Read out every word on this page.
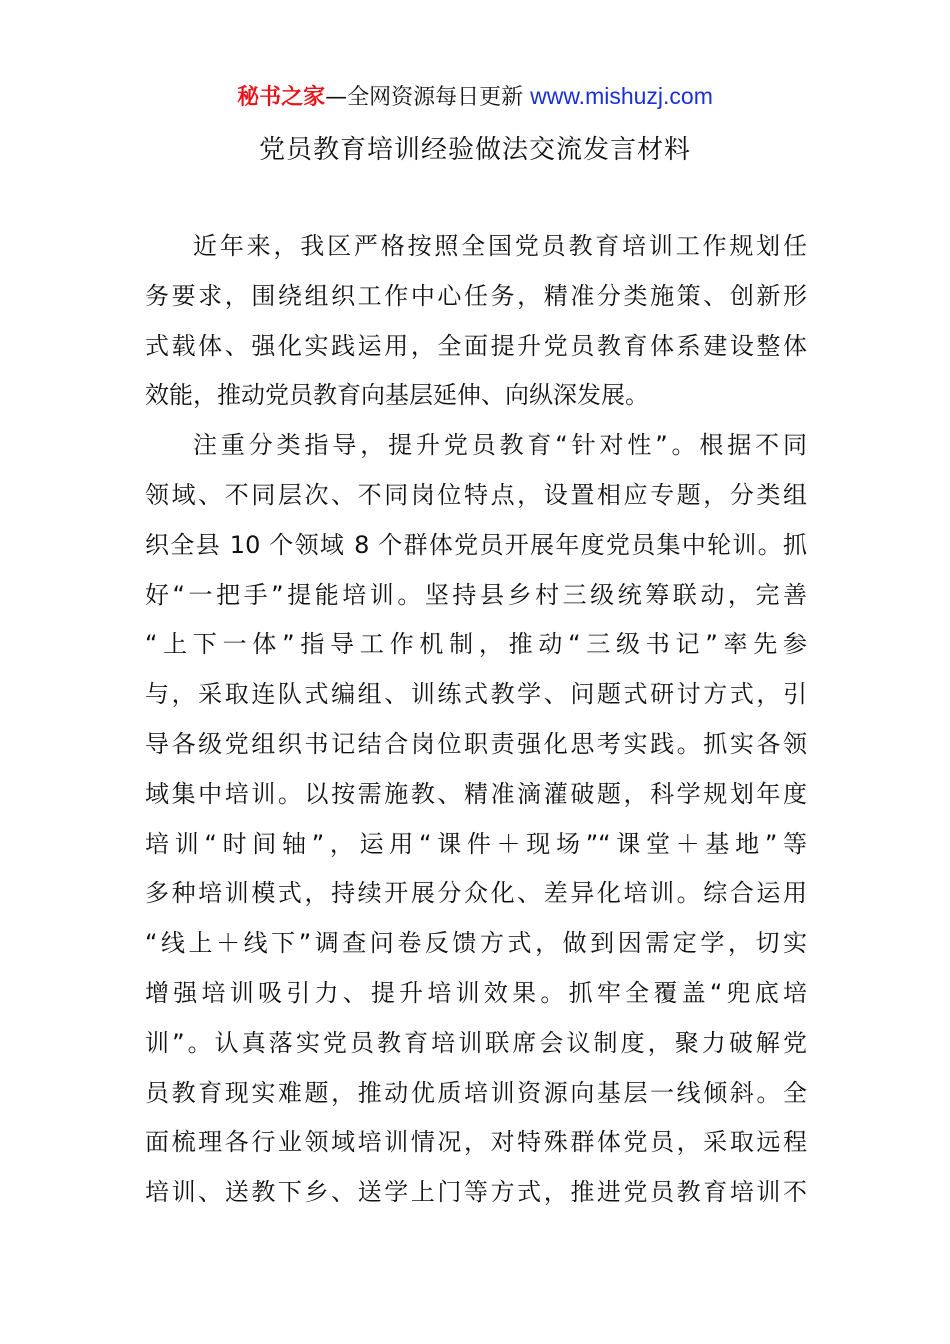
秘书之家—全网资源每日更新 www.mishuzj.com
党员教育培训经验做法交流发言材料
近年来，我区严格按照全国党员教育培训工作规划任
务要求，围绕组织工作中心任务，精准分类施策、创新形
式载体、强化实践运用，全面提升党员教育体系建设整体
效能，推动党员教育向基层延伸、向纵深发展。
注重分类指导，提升党员教育“针对性”。根据不同
领域、不同层次、不同岗位特点，设置相应专题，分类组
织全县 10 个领域 8 个群体党员开展年度党员集中轮训。抓
好“一把手”提能培训。坚持县乡村三级统筹联动，完善
“上下一体”指导工作机制，推动“三级书记”率先参
与，采取连队式编组、训练式教学、问题式研讨方式，引
导各级党组织书记结合岗位职责强化思考实践。抓实各领
域集中培训。以按需施教、精准滴灌破题，科学规划年度
培训“时间轴”，运用“课件＋现场”“课堂＋基地”等
多种培训模式，持续开展分众化、差异化培训。综合运用
“线上＋线下”调查问卷反馈方式，做到因需定学，切实
增强培训吸引力、提升培训效果。抓牢全覆盖“兜底培
训”。认真落实党员教育培训联席会议制度，聚力破解党
员教育现实难题，推动优质培训资源向基层一线倾斜。全
面梳理各行业领域培训情况，对特殊群体党员，采取远程
培训、送教下乡、送学上门等方式，推进党员教育培训不
